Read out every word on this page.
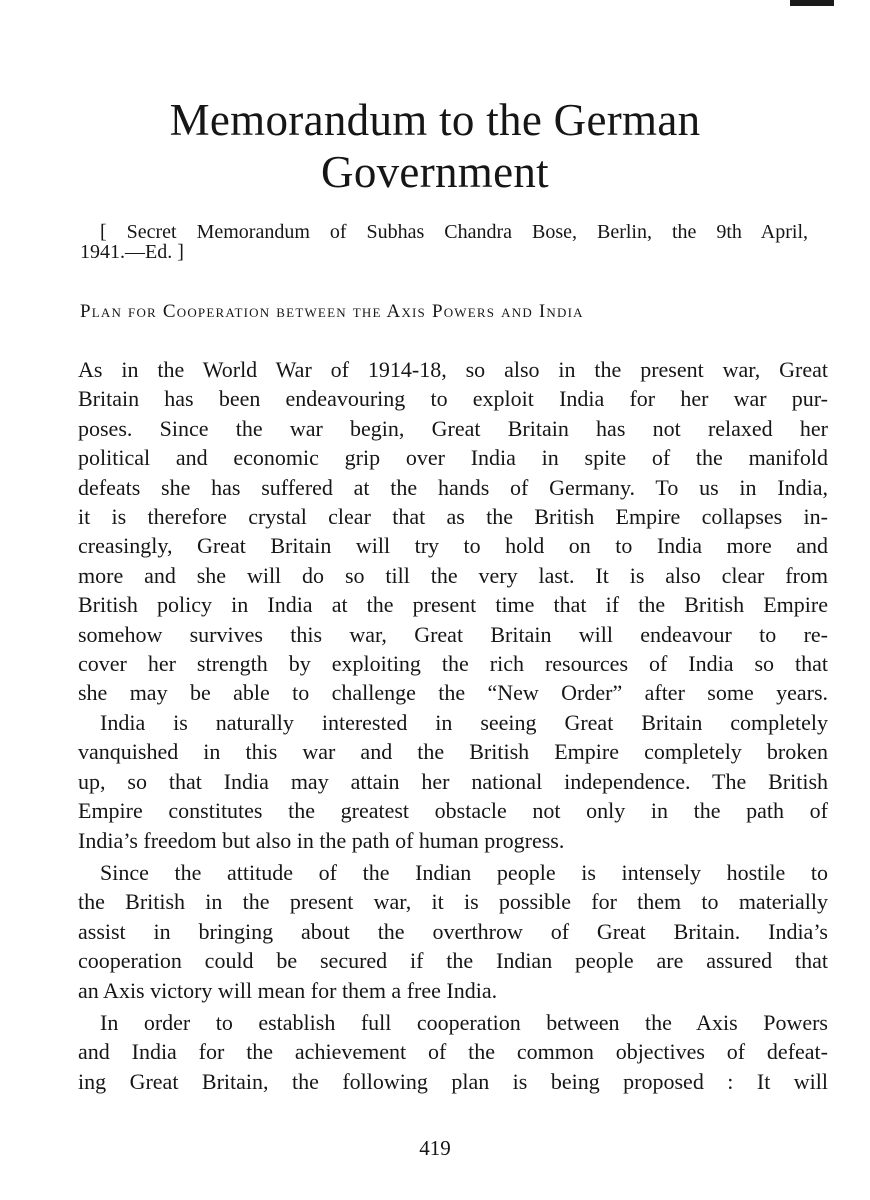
Memorandum to the German
Government
[ Secret Memorandum of Subhas Chandra Bose, Berlin, the 9th April,
1941.—Ed. ]
Plan for Cooperation between the Axis Powers and India

As in the World War of 1914-18, so also in the present war, Great
Britain has been endeavouring to exploit India for her war pur-
poses. Since the war begin, Great Britain has not relaxed her
political and economic grip over India in spite of the manifold
defeats she has suffered at the hands of Germany. To us in India,
it is therefore crystal clear that as the British Empire collapses in-
creasingly, Great Britain will try to hold on to India more and
more and she will do so till the very last. It is also clear from
British policy in India at the present time that if the British Empire
somehow survives this war, Great Britain will endeavour to re-
cover her strength by exploiting the rich resources of India so that
she may be able to challenge the “New Order” after some years.

India is naturally interested in seeing Great Britain completely
vanquished in this war and the British Empire completely broken
up, so that India may attain her national independence. The British
Empire constitutes the greatest obstacle not only in the path of
India’s freedom but also in the path of human progress.

Since the attitude of the Indian people is intensely hostile to
the British in the present war, it is possible for them to materially
assist in bringing about the overthrow of Great Britain. India’s
cooperation could be secured if the Indian people are assured that
an Axis victory will mean for them a free India.

In order to establish full cooperation between the Axis Powers
and India for the achievement of the common objectives of defeat-
ing Great Britain, the following plan is being proposed : It will

419
